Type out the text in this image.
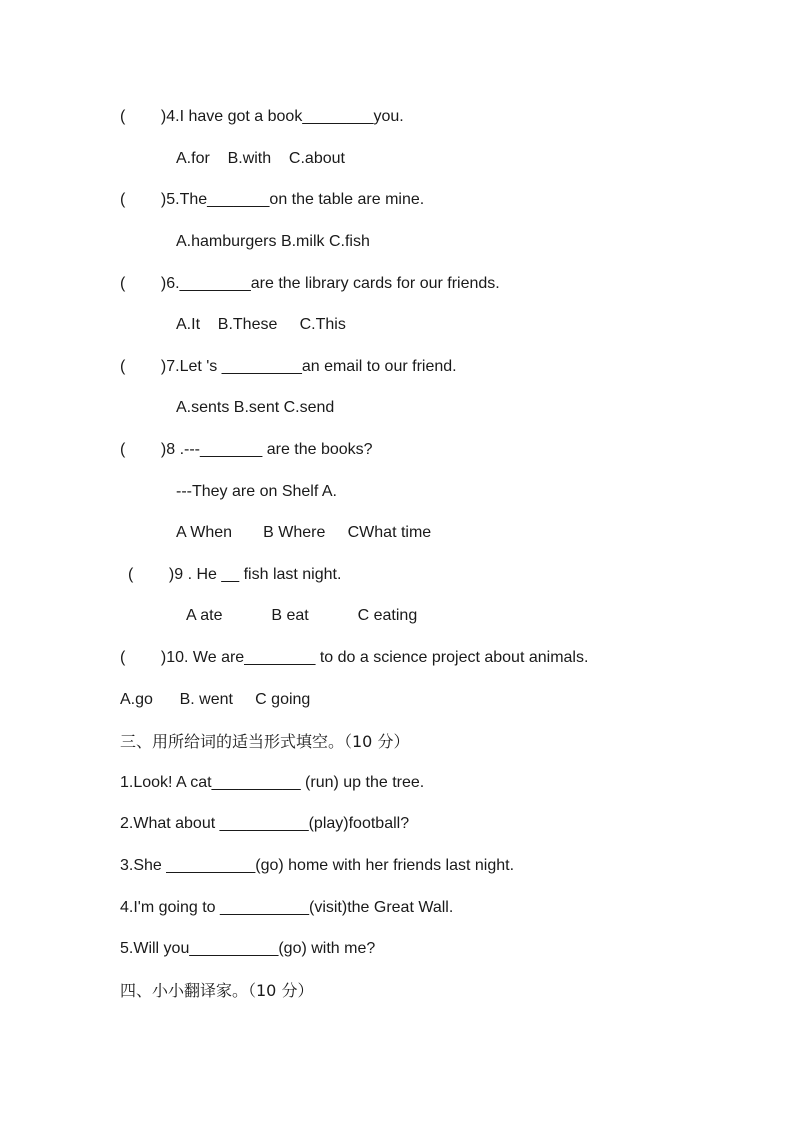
(        )4.I have got a book________you.
A.for    B.with    C.about
(        )5.The_______on the table are mine.
A.hamburgers B.milk C.fish
(        )6.________are the library cards for our friends.
A.It    B.These     C.This
(        )7.Let 's _________an email to our friend.
A.sents B.sent C.send
(        )8 .---_______ are the books?
---They are on Shelf A.
A When       B Where     CWhat time
(        )9 . He __ fish last night.
A ate           B eat           C eating
(        )10. We are________ to do a science project about animals.
A.go      B. went     C going
三、用所给词的适当形式填空。（10 分）
1.Look! A cat__________ (run) up the tree.
2.What about __________(play)football?
3.She __________(go) home with her friends last night.
4.I'm going to __________(visit)the Great Wall.
5.Will you__________(go) with me?
四、小小翻译家。（10 分）
